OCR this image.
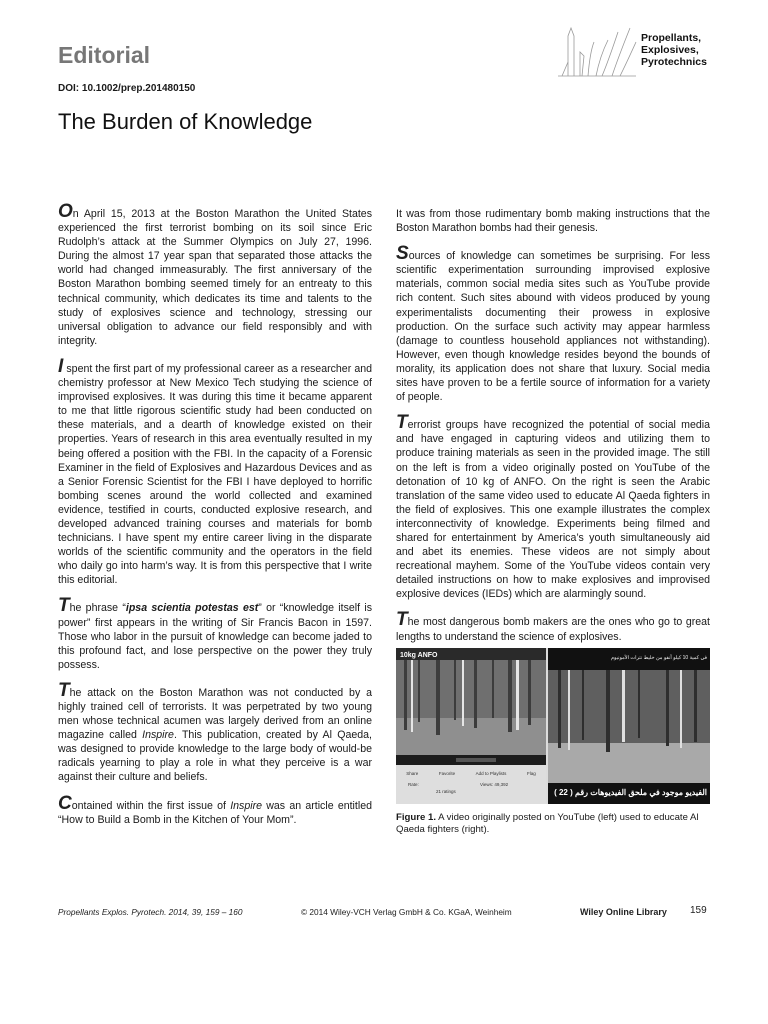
Editorial

DOI: 10.1002/prep.201480150

The Burden of Knowledge
Propellants,
Explosives,
Pyrotechnics

On April 15, 2013 at the Boston Marathon the United States experienced the first terrorist bombing on its soil since Eric Rudolph’s attack at the Summer Olympics on July 27, 1996. During the almost 17 year span that separated those attacks the world had changed immeasurably. The first anniversary of the Boston Marathon bombing seemed timely for an entreaty to this technical community, which dedicates its time and talents to the study of explosives science and technology, stressing our universal obligation to advance our field responsibly and with integrity.

I spent the first part of my professional career as a researcher and chemistry professor at New Mexico Tech studying the science of improvised explosives. It was during this time it became apparent to me that little rigorous scientific study had been conducted on these materials, and a dearth of knowledge existed on their properties. Years of research in this area eventually resulted in my being offered a position with the FBI. In the capacity of a Forensic Examiner in the field of Explosives and Hazardous Devices and as a Senior Forensic Scientist for the FBI I have deployed to horrific bombing scenes around the world collected and examined evidence, testified in courts, conducted explosive research, and developed advanced training courses and materials for bomb technicians. I have spent my entire career living in the disparate worlds of the scientific community and the operators in the field who daily go into harm’s way. It is from this perspective that I write this editorial.

The phrase “ipsa scientia potestas est” or “knowledge itself is power” first appears in the writing of Sir Francis Bacon in 1597. Those who labor in the pursuit of knowledge can become jaded to this profound fact, and lose perspective on the power they truly possess.

The attack on the Boston Marathon was not conducted by a highly trained cell of terrorists. It was perpetrated by two young men whose technical acumen was largely derived from an online magazine called Inspire. This publication, created by Al Qaeda, was designed to provide knowledge to the large body of would-be radicals yearning to play a role in what they perceive is a war against their culture and beliefs.

Contained within the first issue of Inspire was an article entitled “How to Build a Bomb in the Kitchen of Your Mom”.

It was from those rudimentary bomb making instructions that the Boston Marathon bombs had their genesis.

Sources of knowledge can sometimes be surprising. For less scientific experimentation surrounding improvised explosive materials, common social media sites such as YouTube provide rich content. Such sites abound with videos produced by young experimentalists documenting their prowess in explosive production. On the surface such activity may appear harmless (damage to countless household appliances not withstanding). However, even though knowledge resides beyond the bounds of morality, its application does not share that luxury. Social media sites have proven to be a fertile source of information for a variety of people.

Terrorist groups have recognized the potential of social media and have engaged in capturing videos and utilizing them to produce training materials as seen in the provided image. The still on the left is from a video originally posted on YouTube of the detonation of 10 kg of ANFO. On the right is seen the Arabic translation of the same video used to educate Al Qaeda fighters in the field of explosives. This one example illustrates the complex interconnectivity of knowledge. Experiments being filmed and shared for entertainment by America’s youth simultaneously aid and abet its enemies. These videos are not simply about recreational mayhem. Some of the YouTube videos contain very detailed instructions on how to make explosives and improvised explosive devices (IEDs) which are alarmingly sound.

The most dangerous bomb makers are the ones who go to great lengths to understand the science of explosives.

10kg ANFO
Share	Favorite	Add to Playlists	Flag
Rate:	Views: 49,392
21 ratings
في كمية 10 كيلو أنفو من خليط نترات الأمونيوم
الفيديو موجود في ملحق الفيديوهات رقم ( 22 )
Figure 1. A video originally posted on YouTube (left) used to educate Al Qaeda fighters (right).
Propellants Explos. Pyrotech. 2014, 39, 159 – 160	© 2014 Wiley-VCH Verlag GmbH & Co. KGaA, Weinheim	Wiley Online Library 159
